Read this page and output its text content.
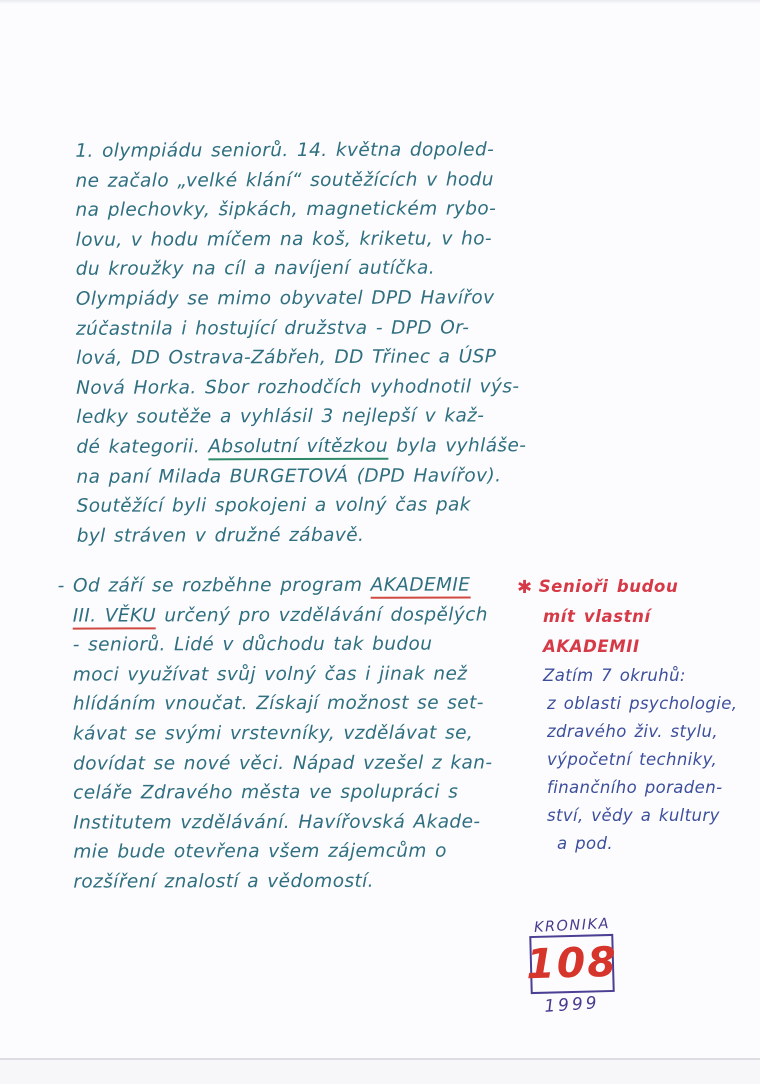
1. olympiádu seniorů. 14. května dopoled-
ne začalo „velké klání“ soutěžících v hodu
na plechovky, šipkách, magnetickém rybo-
lovu, v hodu míčem na koš, kriketu, v ho-
du kroužky na cíl a navíjení autíčka.
Olympiády se mimo obyvatel DPD Havířov
zúčastnila i hostující družstva - DPD Or-
lová, DD Ostrava-Zábřeh, DD Třinec a ÚSP
Nová Horka. Sbor rozhodčích vyhodnotil výs-
ledky soutěže a vyhlásil 3 nejlepší v kaž-
dé kategorii. Absolutní vítězkou byla vyhláše-
na paní Milada BURGETOVÁ (DPD Havířov).
Soutěžící byli spokojeni a volný čas pak
byl stráven v družné zábavě.
- Od září se rozběhne program AKADEMIE
III. VĚKU určený pro vzdělávání dospělých
- seniorů. Lidé v důchodu tak budou
moci využívat svůj volný čas i jinak než
hlídáním vnoučat. Získají možnost se set-
kávat se svými vrstevníky, vzdělávat se,
dovídat se nové věci. Nápad vzešel z kan-
celáře Zdravého města ve spolupráci s
Institutem vzdělávání. Havířovská Akade-
mie bude otevřena všem zájemcům o
rozšíření znalostí a vědomostí.
✱ Senioři budou
mít vlastní
AKADEMII
Zatím 7 okruhů:
z oblasti psychologie,
zdravého živ. stylu,
výpočetní techniky,
finančního poraden-
ství, vědy a kultury
a pod.
KRONIKA
108
1999
